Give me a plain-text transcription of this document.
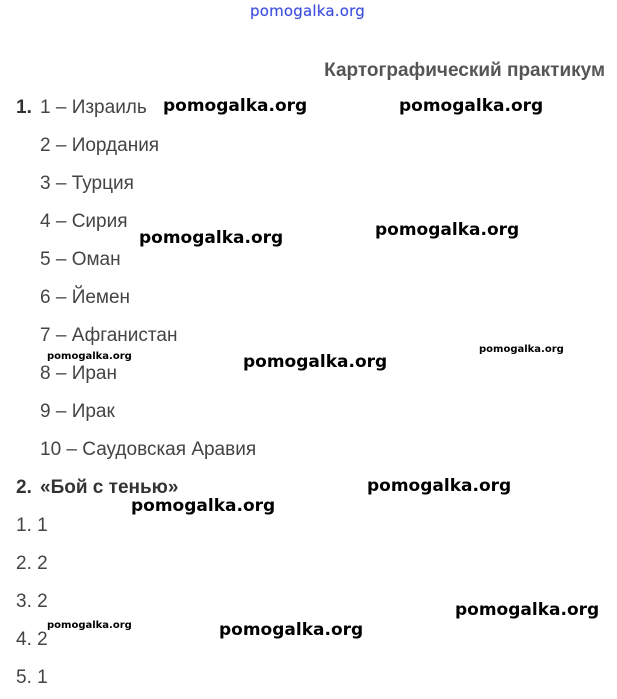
pomogalka.org
Картографический практикум
1. 1 – Израиль
2 – Иордания
3 – Турция
4 – Сирия
5 – Оман
6 – Йемен
7 – Афганистан
8 – Иран
9 – Ирак
10 – Саудовская Аравия
2. «Бой с тенью»
1. 1
2. 2
3. 2
4. 2
5. 1
pomogalka.org	pomogalka.org
pomogalka.org	pomogalka.org
pomogalka.org	pomogalka.org
pomogalka.org
pomogalka.org
pomogalka.org
pomogalka.org
pomogalka.org	pomogalka.org
